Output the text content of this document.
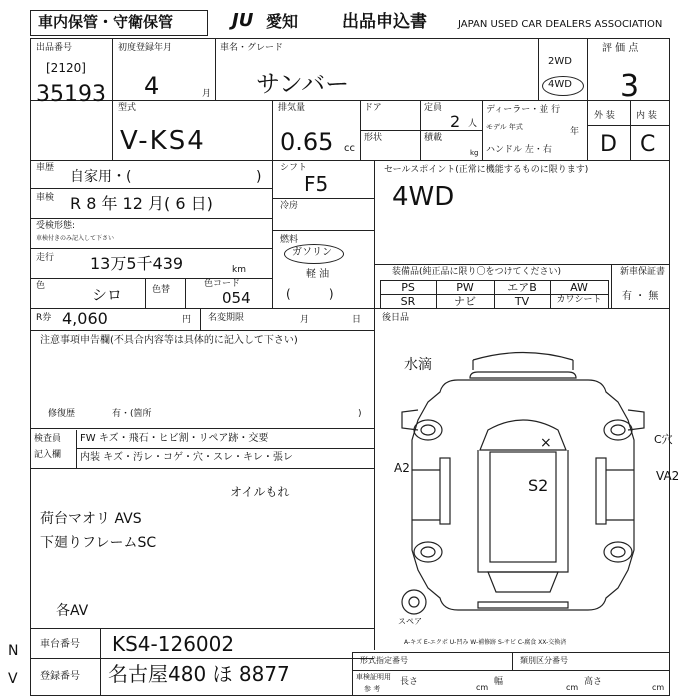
車内保管・守衛保管	JU 愛知	出品申込書	JAPAN USED CAR DEALERS ASSOCIATION
出品番号
[2120]
35193
初度登録年月
4	月
車名・グレード
サンバー
2WD
4WD
評 価 点
3
型式
V-KS4
排気量
0.65 cc
ドア
形状
定員
2 人
積載
kg
ディーラー・並 行
モデル 年式	年
ハンドル 左・右
外 装 内 装
D C
車歴
自家用・(	)
車検 R 8 年 12 月( 6 日)
受検形態:
車検付きのみ記入して下さい
走行 13万5千439	km
色	シロ	色替
色コード
054
シフト
F5
冷房
燃料
ガソリン
軽 油
(          )
セールスポイント(正常に機能するものに限ります)
4WD
装備品(純正品に限り〇をつけてください)	新車保証書
有 ・ 無
PS	PW	エアB	AW
SR	ナビ	TV	カワシート
R券 4,060	円 名変期限	月	日 後日品
注意事項申告欄(不具合内容等は具体的に記入して下さい)
修復歴	有・(箇所	)
検査員
記入欄
FW キズ・飛石・ヒビ割・リペア跡・交要
内装 キズ・汚レ・コゲ・穴・スレ・キレ・張レ
オイルもれ
荷台マオリ AVS
下廻りフレームSC
各AV
水滴
×	C穴
A2
S2	VA2
スペア
A-キズ E-エクボ U-凹み W-補修跡 S-サビ C-腐食 XX-交換済
車台番号 KS4-126002
登録番号 名古屋480 ほ 8877
N
V
形式指定番号	類別区分番号
車検証明用
参 考
長さ
cm
幅
cm
高さ
cm
